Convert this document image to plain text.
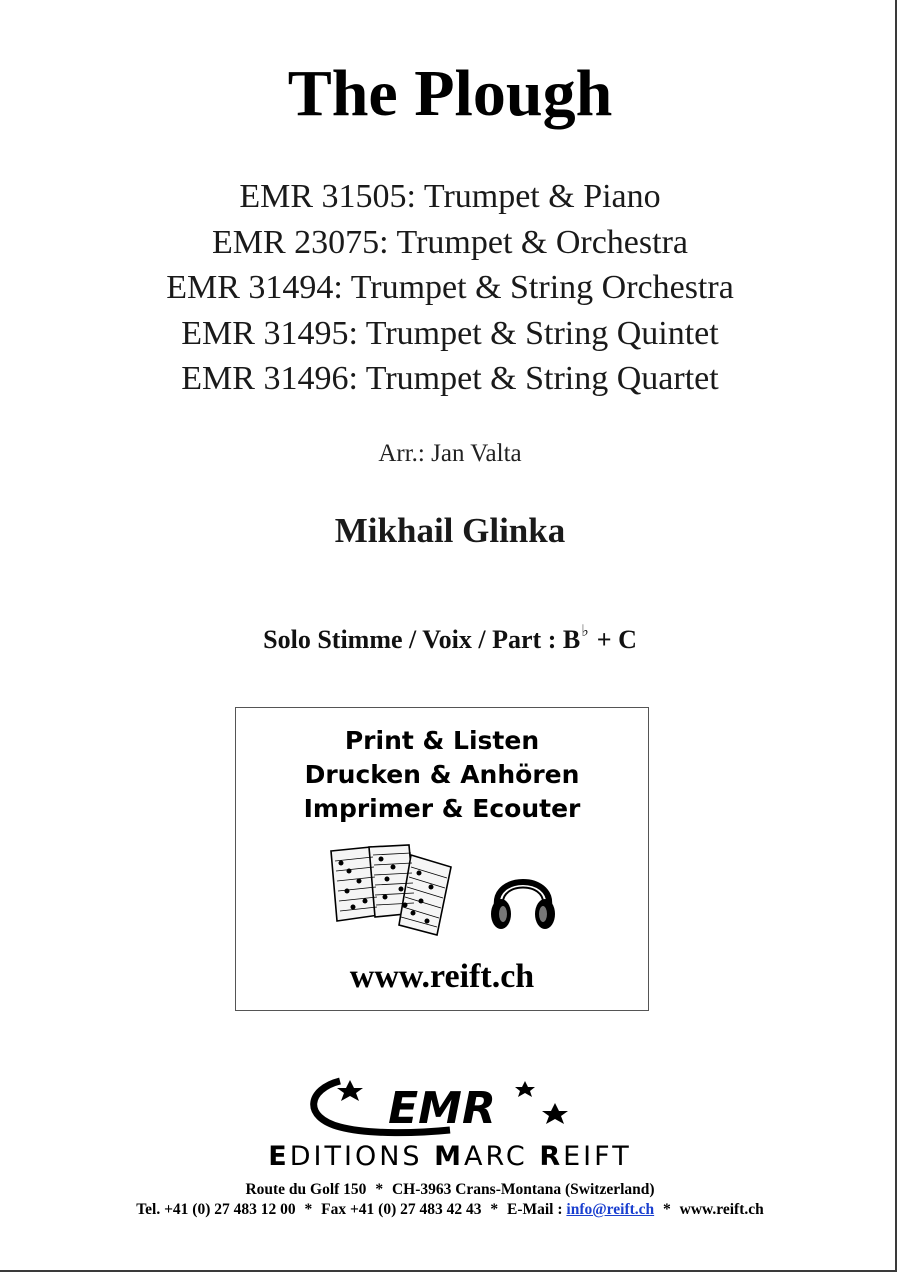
The Plough
EMR 31505: Trumpet & Piano
EMR 23075: Trumpet & Orchestra
EMR 31494: Trumpet & String Orchestra
EMR 31495: Trumpet & String Quintet
EMR 31496: Trumpet & String Quartet
Arr.: Jan Valta
Mikhail Glinka
Solo Stimme / Voix / Part : B♭ + C
Print & Listen
Drucken & Anhören
Imprimer & Ecouter
www.reift.ch
EMR
EDITIONS MARC REIFT
Route du Golf 150 * CH-3963 Crans-Montana (Switzerland)
Tel. +41 (0) 27 483 12 00 * Fax +41 (0) 27 483 42 43 * E-Mail : info@reift.ch * www.reift.ch
